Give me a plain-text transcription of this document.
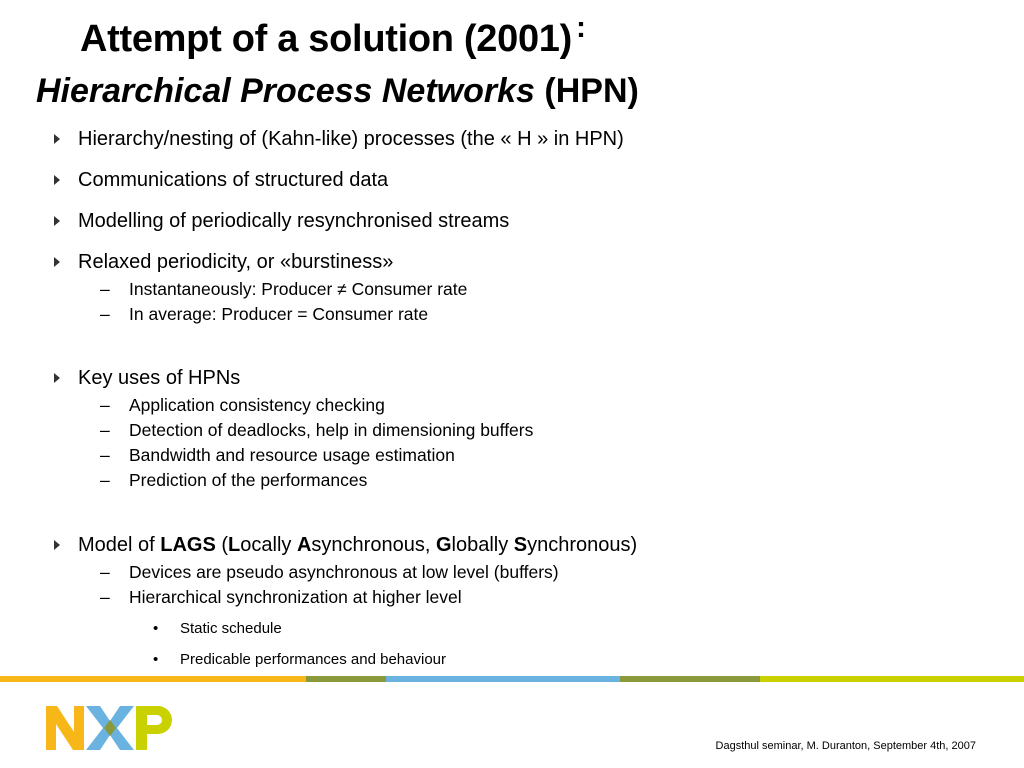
Attempt of a solution (2001) :
Hierarchical Process Networks (HPN)
Hierarchy/nesting of (Kahn-like) processes (the « H » in HPN)
Communications of structured data
Modelling of periodically resynchronised streams
Relaxed periodicity, or «burstiness»
– Instantaneously: Producer ≠ Consumer rate
– In average: Producer = Consumer rate
Key uses of HPNs
– Application consistency checking
– Detection of deadlocks, help in dimensioning buffers
– Bandwidth and resource usage estimation
– Prediction of the performances
Model of LAGS (Locally Asynchronous, Globally Synchronous)
– Devices are pseudo asynchronous at low level (buffers)
– Hierarchical synchronization at higher level
• Static schedule
• Predicable performances and behaviour
Dagsthul seminar, M. Duranton, September 4th, 2007
